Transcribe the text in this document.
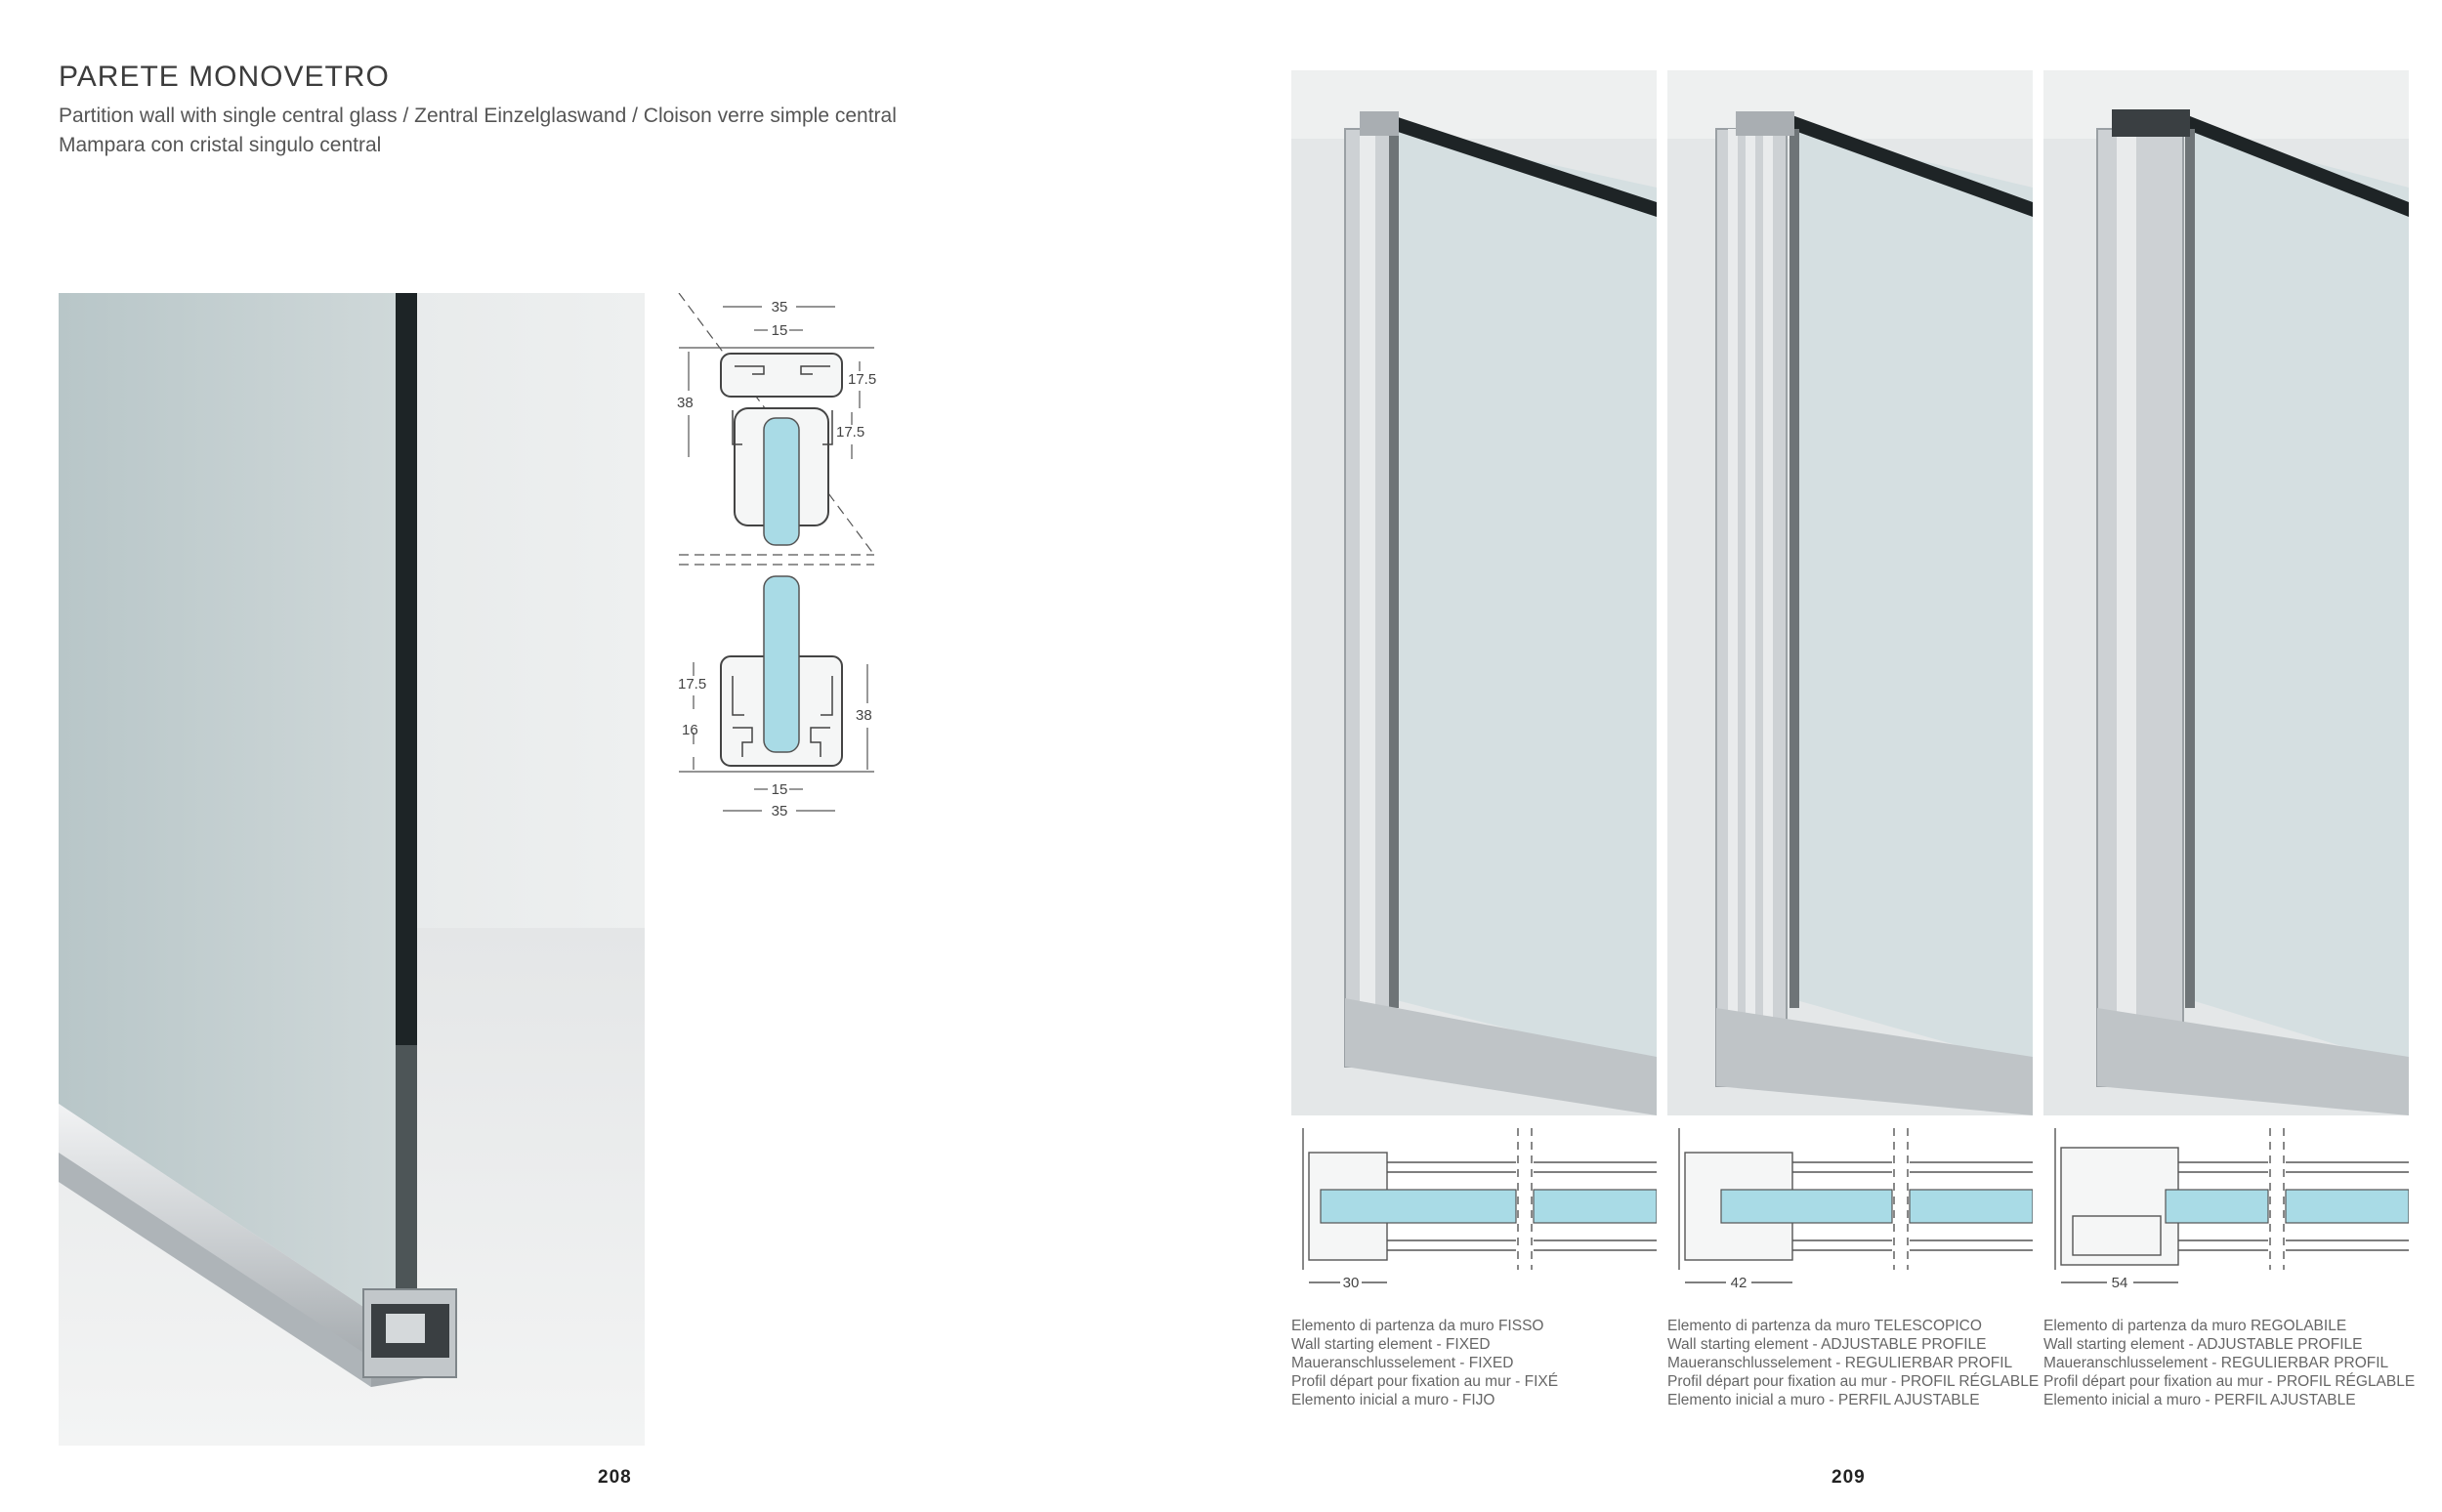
PARETE MONOVETRO
Partition wall with single central glass / Zentral Einzelglaswand / Cloison verre simple central
Mampara con cristal singulo central
35
15
38
17.5
17.5
17.5
16
38
15
35
208
30	42	54
Elemento di partenza da muro FISSO
Wall starting element - FIXED
Maueranschlusselement - FIXED
Profil départ pour fixation au mur - FIXÉ
Elemento inicial a muro - FIJO
Elemento di partenza da muro TELESCOPICO
Wall starting element - ADJUSTABLE PROFILE
Maueranschlusselement - REGULIERBAR PROFIL
Profil départ pour fixation au mur - PROFIL RÉGLABLE
Elemento inicial a muro - PERFIL AJUSTABLE
Elemento di partenza da muro REGOLABILE
Wall starting element - ADJUSTABLE PROFILE
Maueranschlusselement - REGULIERBAR PROFIL
Profil départ pour fixation au mur - PROFIL RÉGLABLE
Elemento inicial a muro - PERFIL AJUSTABLE
209
